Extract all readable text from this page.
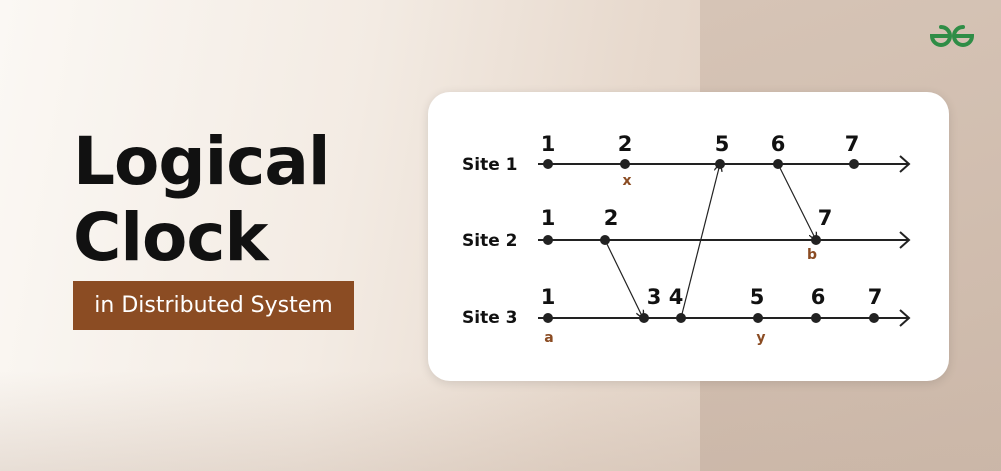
Logical
Clock
in Distributed System
Site 1
Site 2
Site 3
1	2	5 6	7
x
1 2	7
b
1	3 4	5 6 7
a	y
